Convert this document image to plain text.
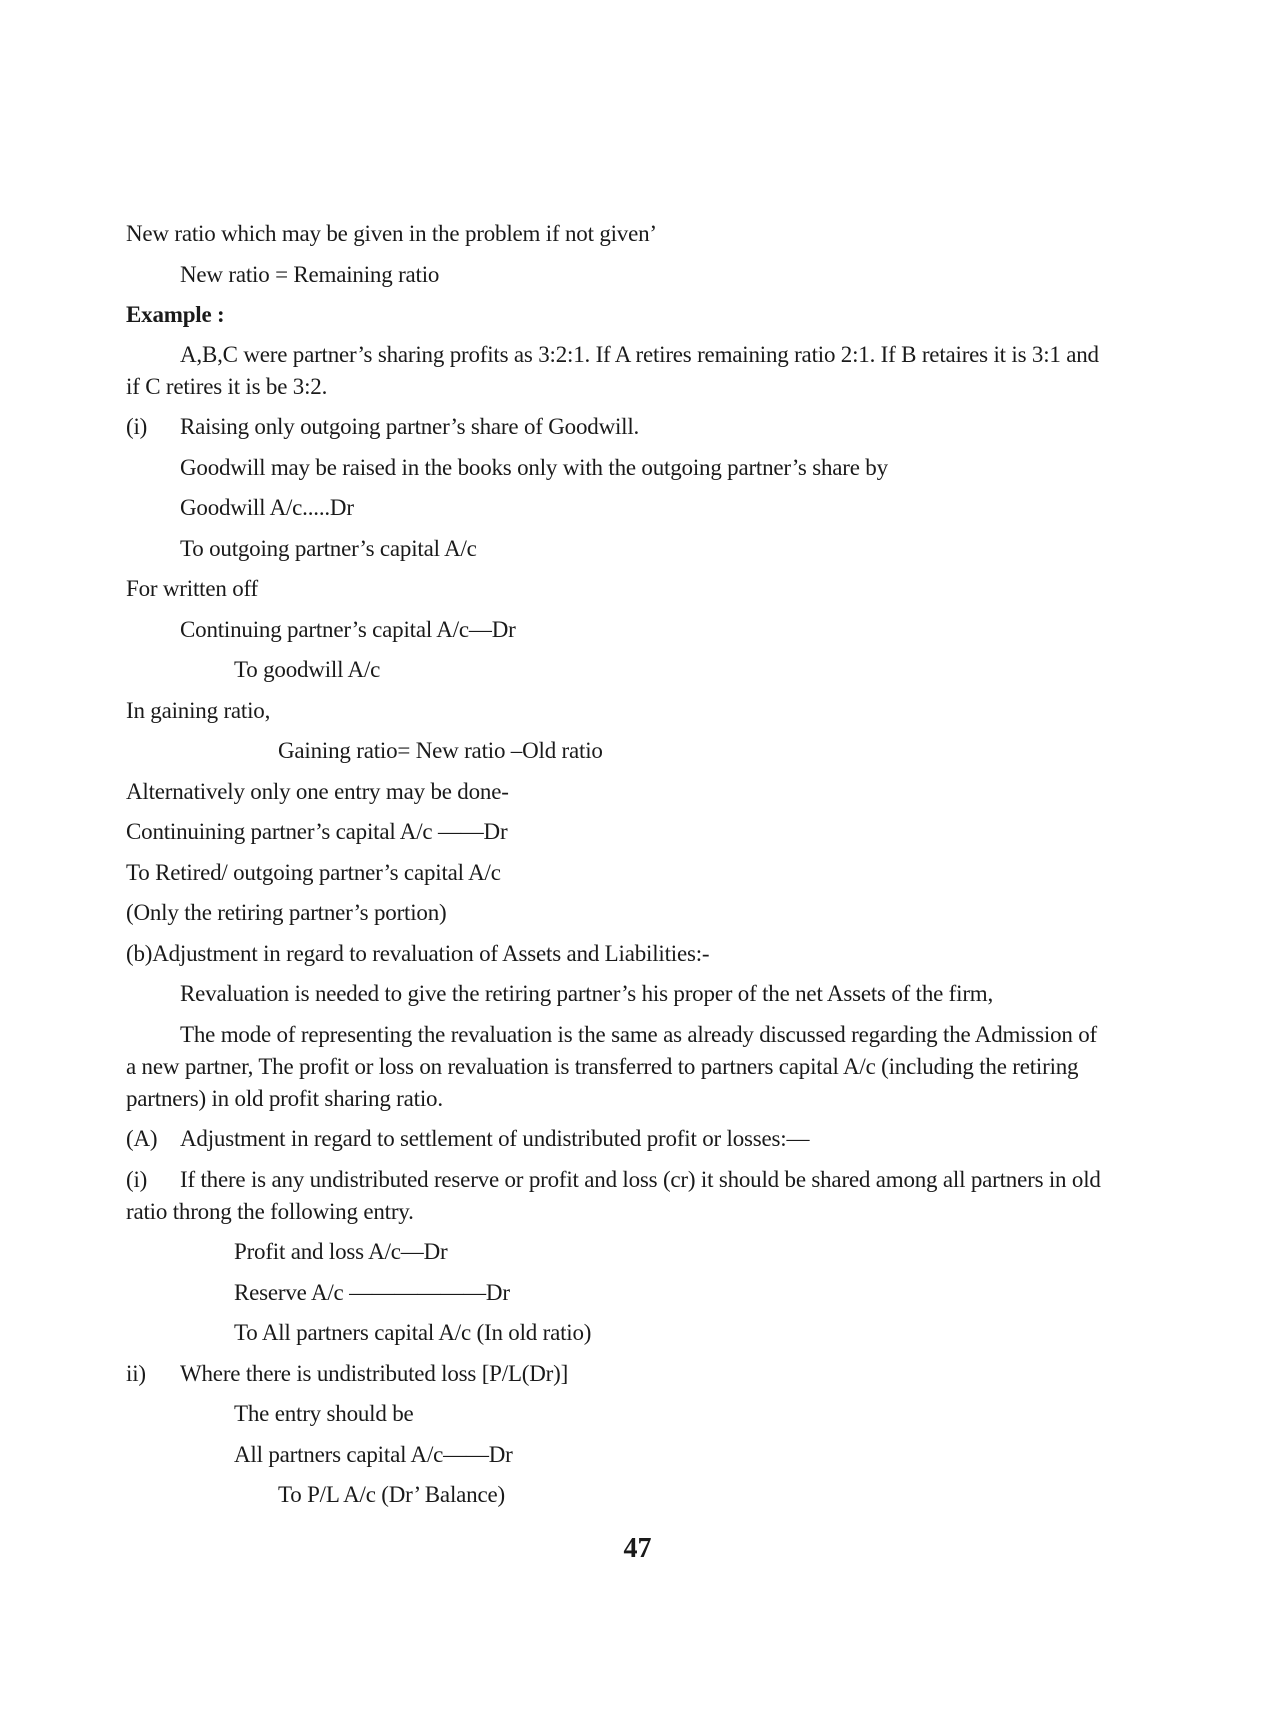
New ratio which may be given in the problem if not given’
New ratio = Remaining ratio
Example :
A,B,C were partner’s sharing profits as 3:2:1. If A retires remaining ratio 2:1. If B retaires it is 3:1 and
if C retires it is be 3:2.
(i) Raising only outgoing partner’s share of Goodwill.
Goodwill may be raised in the books only with the outgoing partner’s share by
Goodwill A/c.....Dr
To outgoing partner’s capital A/c
For written off
Continuing partner’s capital A/c—Dr
To goodwill A/c
In gaining ratio,
Gaining ratio= New ratio –Old ratio
Alternatively only one entry may be done-
Continuining partner’s capital A/c ——Dr
To Retired/ outgoing partner’s capital A/c
(Only the retiring partner’s portion)
(b)Adjustment in regard to revaluation of Assets and Liabilities:-
Revaluation is needed to give the retiring partner’s his proper of the net Assets of the firm,
The mode of representing the revaluation is the same as already discussed regarding the Admission of
a new partner, The profit or loss on revaluation is transferred to partners capital A/c (including the retiring
partners) in old profit sharing ratio.
(A) Adjustment in regard to settlement of undistributed profit or losses:—
(i) If there is any undistributed reserve or profit and loss (cr) it should be shared among all partners in old
ratio throng the following entry.
Profit and loss A/c—Dr
Reserve A/c ——————Dr
To All partners capital A/c (In old ratio)
ii) Where there is undistributed loss [P/L(Dr)]
The entry should be
All partners capital A/c——Dr
To P/L A/c (Dr’ Balance)
47
